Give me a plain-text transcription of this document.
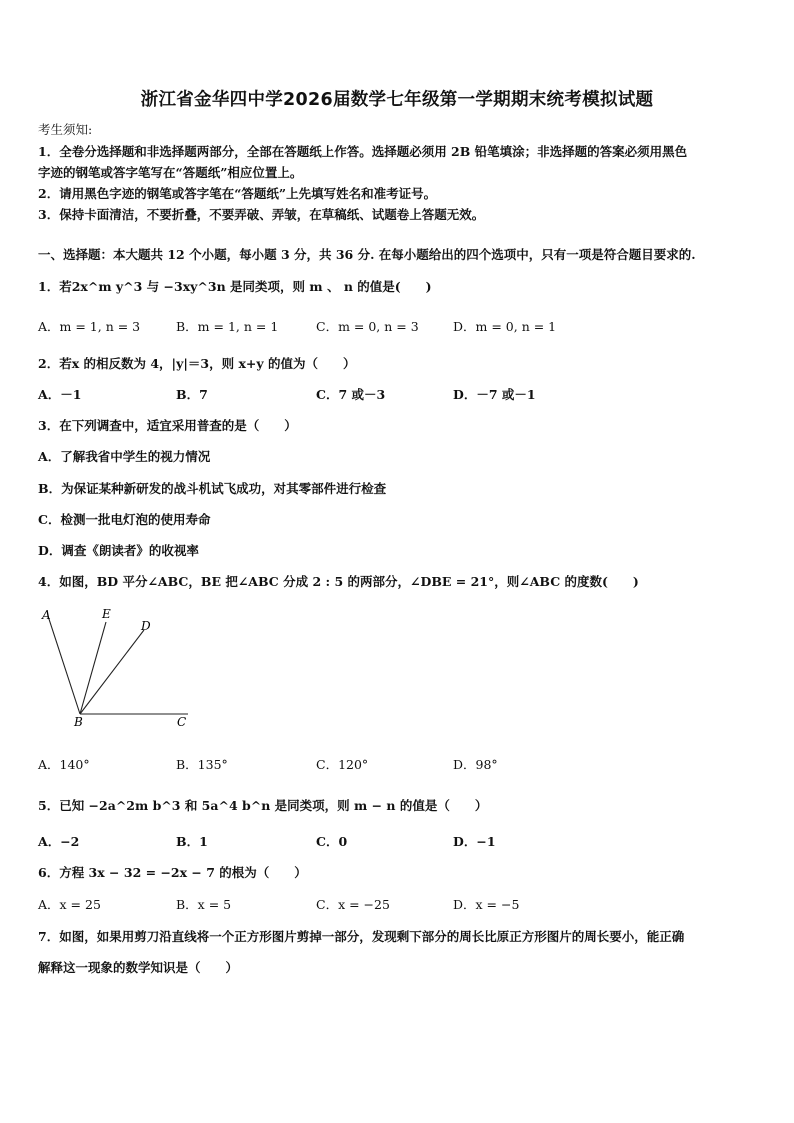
浙江省金华四中学2026届数学七年级第一学期期末统考模拟试题
考生须知:
1．全卷分选择题和非选择题两部分，全部在答题纸上作答。选择题必须用 2B 铅笔填涂；非选择题的答案必须用黑色
字迹的钢笔或答字笔写在“答题纸”相应位置上。
2．请用黑色字迹的钢笔或答字笔在“答题纸”上先填写姓名和准考证号。
3．保持卡面清洁，不要折叠，不要弄破、弄皱，在草稿纸、试题卷上答题无效。
一、选择题：本大题共 12 个小题，每小题 3 分，共 36 分. 在每小题给出的四个选项中，只有一项是符合题目要求的.
1．若2x^m y^3 与 −3xy^3n 是同类项，则 m 、 n 的值是(　　)
A．m = 1, n = 3	B．m = 1, n = 1	C．m = 0, n = 3	D．m = 0, n = 1
2．若x 的相反数为 4，|y|＝3，则 x+y 的值为（　　）
A．－1	B．7	C．7 或－3	D．－7 或－1
3．在下列调查中，适宜采用普查的是（　　）
A．了解我省中学生的视力情况
B．为保证某种新研发的战斗机试飞成功，对其零部件进行检查
C．检测一批电灯泡的使用寿命
D．调查《朗读者》的收视率
4．如图，BD 平分∠ABC，BE 把∠ABC 分成 2 : 5 的两部分，∠DBE = 21°，则∠ABC 的度数(　　)
A	E
D
B	C
A．140°	B．135°	C．120°	D．98°
5．已知 −2a^2m b^3 和 5a^4 b^n 是同类项，则 m − n 的值是（　　）
A．−2	B．1	C．0	D．−1
6．方程 3x − 32 = −2x − 7 的根为（　　）
A．x = 25	B．x = 5	C．x = −25	D．x = −5
7．如图，如果用剪刀沿直线将一个正方形图片剪掉一部分，发现剩下部分的周长比原正方形图片的周长要小，能正确
解释这一现象的数学知识是（　　）
